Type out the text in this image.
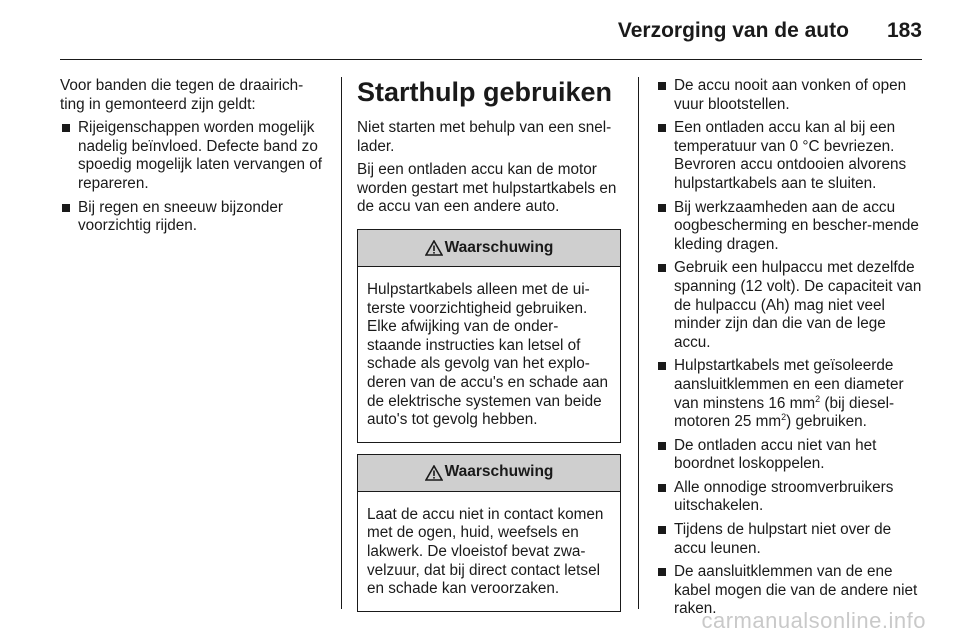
Verzorging van de auto 183

Voor banden die tegen de draairich-ting in gemonteerd zijn geldt:

Rijeigenschappen worden mogelijk nadelig beïnvloed. Defecte band zo spoedig mogelijk laten vervangen of repareren.
Bij regen en sneeuw bijzonder voorzichtig rijden.
Starthulp gebruiken

Niet starten met behulp van een snel-lader.

Bij een ontladen accu kan de motor worden gestart met hulpstartkabels en de accu van een andere auto.

Waarschuwing
Hulpstartkabels alleen met de ui-terste voorzichtigheid gebruiken. Elke afwijking van de onder-staande instructies kan letsel of schade als gevolg van het explo-deren van de accu's en schade aan de elektrische systemen van beide auto's tot gevolg hebben.
Waarschuwing
Laat de accu niet in contact komen met de ogen, huid, weefsels en lakwerk. De vloeistof bevat zwa-velzuur, dat bij direct contact letsel en schade kan veroorzaken.
De accu nooit aan vonken of open vuur blootstellen.
Een ontladen accu kan al bij een temperatuur van 0 °C bevriezen. Bevroren accu ontdooien alvorens hulpstartkabels aan te sluiten.
Bij werkzaamheden aan de accu oogbescherming en bescher-mende kleding dragen.
Gebruik een hulpaccu met dezelfde spanning (12 volt). De capaciteit van de hulpaccu (Ah) mag niet veel minder zijn dan die van de lege accu.
Hulpstartkabels met geïsoleerde aansluitklemmen en een diameter van minstens 16 $mm^2$ (bij diesel-motoren 25 $mm^2$) gebruiken.
De ontladen accu niet van het boordnet loskoppelen.
Alle onnodige stroomverbruikers uitschakelen.
Tijdens de hulpstart niet over de accu leunen.
De aansluitklemmen van de ene kabel mogen die van de andere niet raken.
carmanualsonline.info
